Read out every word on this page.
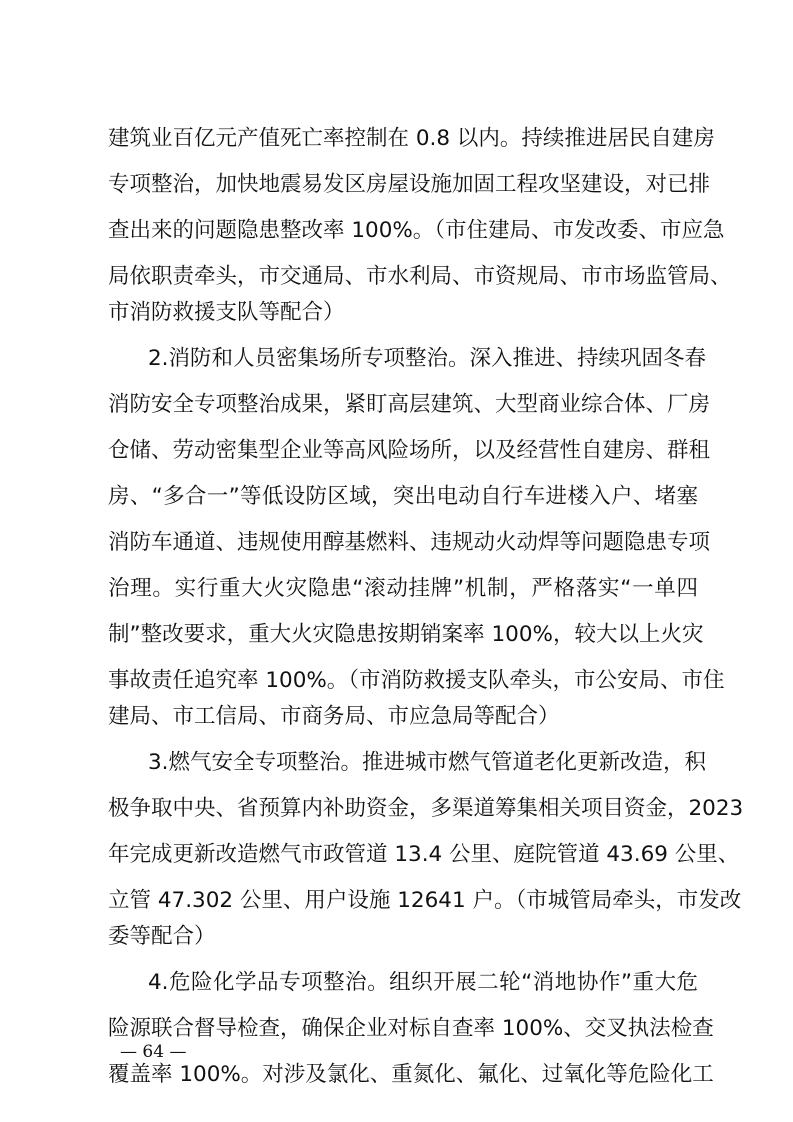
建筑业百亿元产值死亡率控制在 0.8 以内。持续推进居民自建房
专项整治，加快地震易发区房屋设施加固工程攻坚建设，对已排
查出来的问题隐患整改率 100%。（市住建局、市发改委、市应急
局依职责牵头，市交通局、市水利局、市资规局、市市场监管局、
市消防救援支队等配合）
2.消防和人员密集场所专项整治。深入推进、持续巩固冬春
消防安全专项整治成果，紧盯高层建筑、大型商业综合体、厂房
仓储、劳动密集型企业等高风险场所，以及经营性自建房、群租
房、“多合一”等低设防区域，突出电动自行车进楼入户、堵塞
消防车通道、违规使用醇基燃料、违规动火动焊等问题隐患专项
治理。实行重大火灾隐患“滚动挂牌”机制，严格落实“一单四
制”整改要求，重大火灾隐患按期销案率 100%，较大以上火灾
事故责任追究率 100%。（市消防救援支队牵头，市公安局、市住
建局、市工信局、市商务局、市应急局等配合）
3.燃气安全专项整治。推进城市燃气管道老化更新改造，积
极争取中央、省预算内补助资金，多渠道筹集相关项目资金，2023
年完成更新改造燃气市政管道 13.4 公里、庭院管道 43.69 公里、
立管 47.302 公里、用户设施 12641 户。（市城管局牵头，市发改
委等配合）
4.危险化学品专项整治。组织开展二轮“消地协作”重大危
险源联合督导检查，确保企业对标自查率 100%、交叉执法检查
覆盖率 100%。对涉及氯化、重氮化、氟化、过氧化等危险化工
— 64 —
